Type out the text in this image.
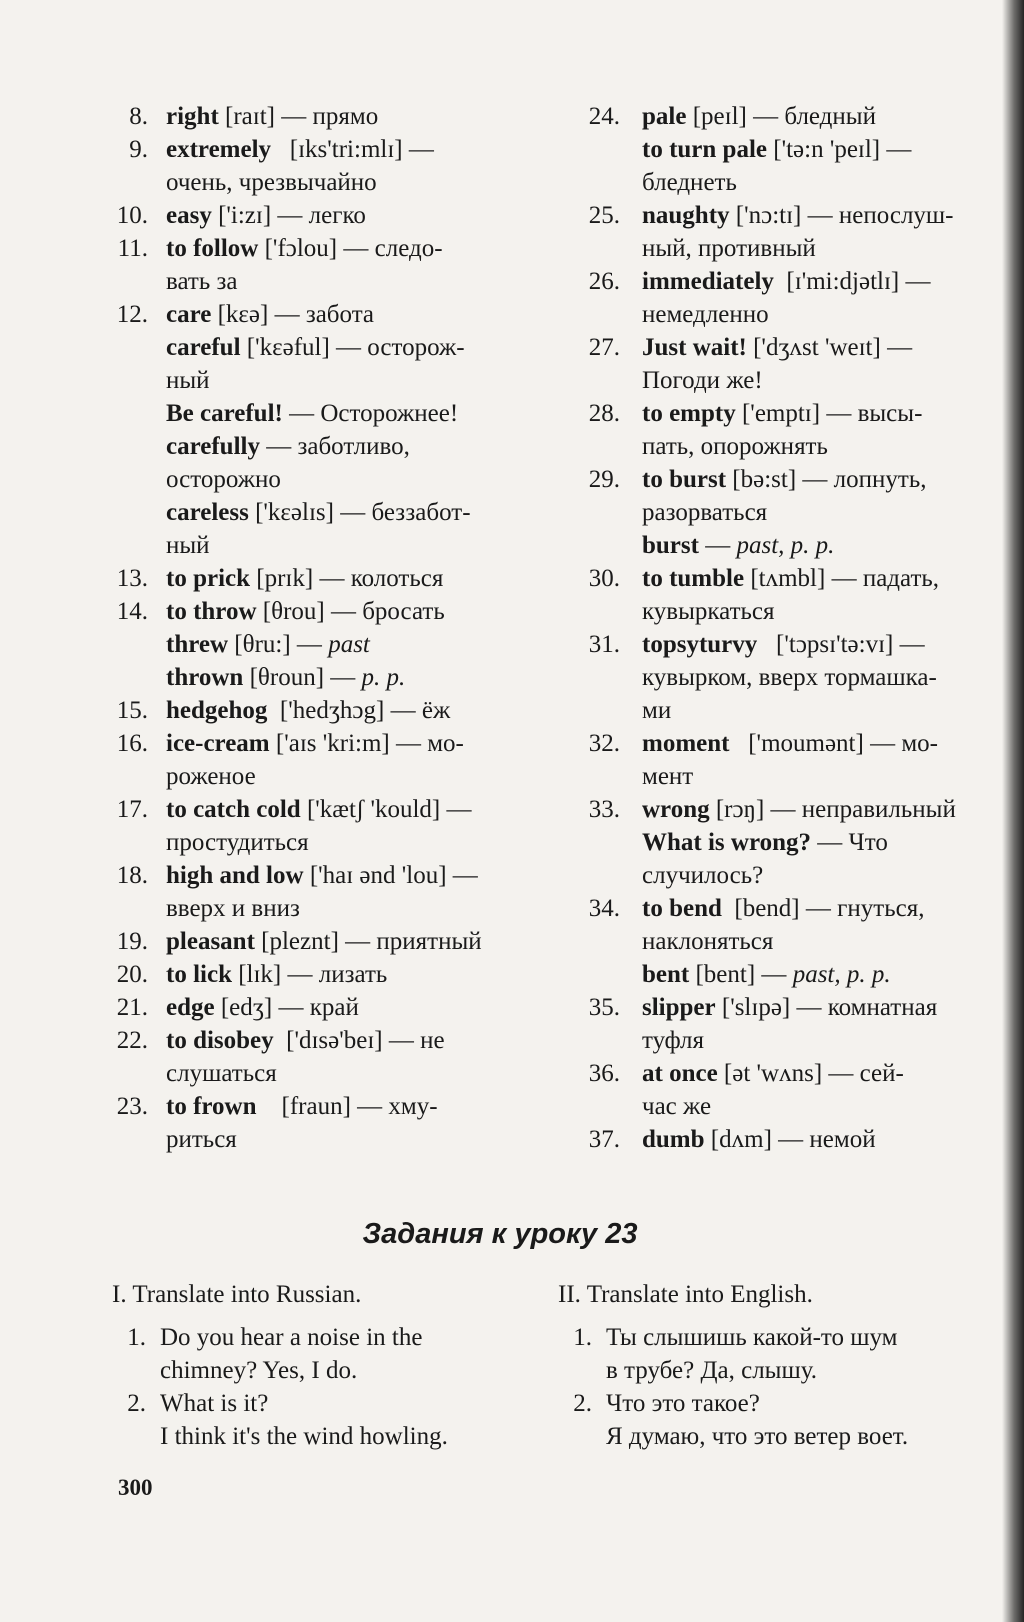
8. right [raɪt] — прямо
9. extremely   [ɪks'tri:mlɪ] —
очень, чрезвычайно
10. easy ['i:zɪ] — легко
11. to follow ['fɔlou] — следо-
вать за
12. care [kɛə] — забота
careful ['kɛəful] — осторож-
ный
Be careful! — Осторожнее!
carefully — заботливо,
осторожно
careless ['kɛəlɪs] — беззабот-
ный
13. to prick [prɪk] — колоться
14. to throw [θrou] — бросать
threw [θru:] — past
thrown [θroun] — p. p.
15. hedgehog  ['hedʒhɔg] — ёж
16. ice-cream ['aɪs 'kri:m] — мо-
роженое
17. to catch cold ['kætʃ 'kould] —
простудиться
18. high and low ['haɪ ənd 'lou] —
вверх и вниз
19. pleasant [pleznt] — приятный
20. to lick [lɪk] — лизать
21. edge [edʒ] — край
22. to disobey  ['dɪsə'beɪ] — не
слушаться
23. to frown    [fraun] — хму-
риться
24. pale [peɪl] — бледный
to turn pale ['tə:n 'peɪl] —
бледнеть
25. naughty ['nɔ:tɪ] — непослуш-
ный, противный
26. immediately  [ɪ'mi:djətlɪ] —
немедленно
27. Just wait! ['dʒʌst 'weɪt] —
Погоди же!
28. to empty ['emptɪ] — высы-
пать, опорожнять
29. to burst [bə:st] — лопнуть,
разорваться
burst — past, p. p.
30. to tumble [tʌmbl] — падать,
кувыркаться
31. topsyturvy   ['tɔpsɪ'tə:vɪ] —
кувырком, вверх тормашка-
ми
32. moment   ['moumənt] — мо-
мент
33. wrong [rɔŋ] — неправильный
What is wrong? — Что
случилось?
34. to bend  [bend] — гнуться,
наклоняться
bent [bent] — past, p. p.
35. slipper ['slɪpə] — комнатная
туфля
36. at once [ət 'wʌns] — сей-
час же
37. dumb [dʌm] — немой
Задания к уроку 23
I. Translate into Russian.
1. Do you hear a noise in the
chimney? Yes, I do.
2. What is it?
I think it's the wind howling.
II. Translate into English.
1. Ты слышишь какой-то шум
в трубе? Да, слышу.
2. Что это такое?
Я думаю, что это ветер воет.
300
